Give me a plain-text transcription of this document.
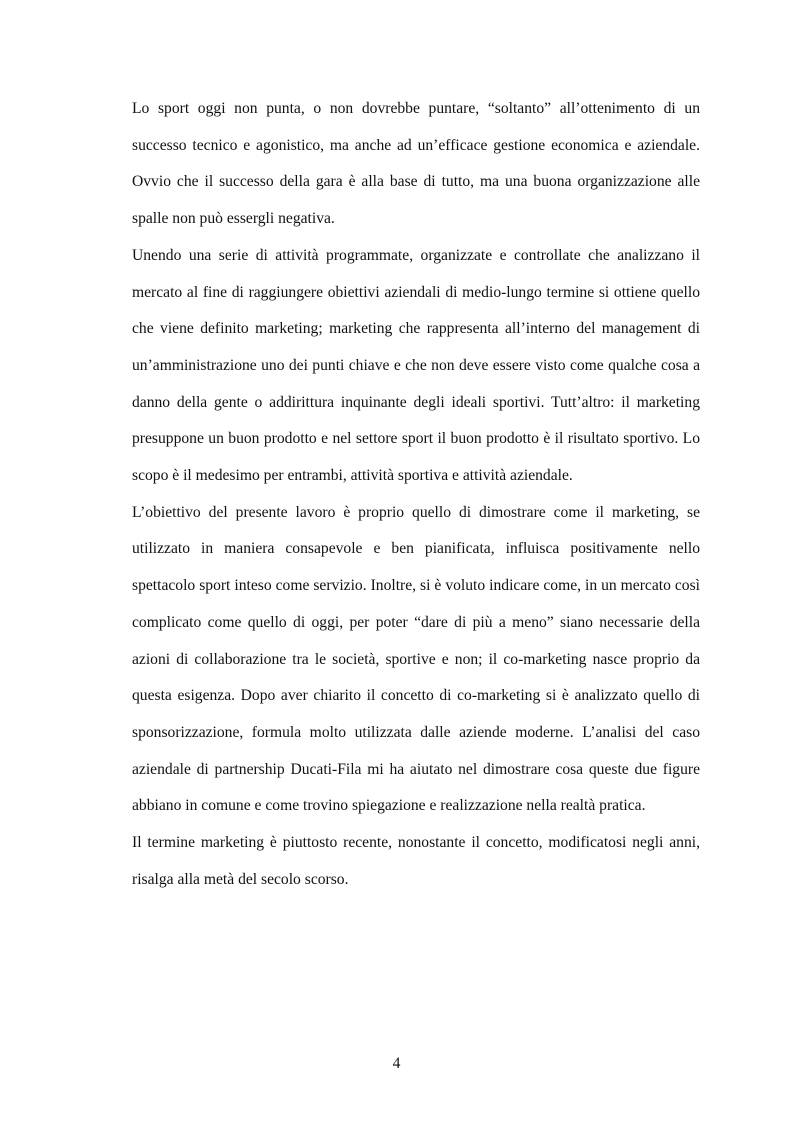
Lo sport oggi non punta, o non dovrebbe puntare, “soltanto” all’ottenimento di un successo tecnico e agonistico, ma anche ad un’efficace gestione economica e aziendale. Ovvio che il successo della gara è alla base di tutto, ma una buona organizzazione alle spalle non può essergli negativa.

Unendo una serie di attività programmate, organizzate e controllate che analizzano il mercato al fine di raggiungere obiettivi aziendali di medio-lungo termine si ottiene quello che viene definito marketing; marketing che rappresenta all’interno del management di un’amministrazione uno dei punti chiave e che non deve essere visto come qualche cosa a danno della gente o addirittura inquinante degli ideali sportivi. Tutt’altro: il marketing presuppone un buon prodotto e nel settore sport il buon prodotto è il risultato sportivo. Lo scopo è il medesimo per entrambi, attività sportiva e attività aziendale.

L’obiettivo del presente lavoro è proprio quello di dimostrare come il marketing, se utilizzato in maniera consapevole e ben pianificata, influisca positivamente nello spettacolo sport inteso come servizio. Inoltre, si è voluto indicare come, in un mercato così complicato come quello di oggi, per poter “dare di più a meno” siano necessarie della azioni di collaborazione tra le società, sportive e non; il co-marketing nasce proprio da questa esigenza. Dopo aver chiarito il concetto di co-marketing si è analizzato quello di sponsorizzazione, formula molto utilizzata dalle aziende moderne. L’analisi del caso aziendale di partnership Ducati-Fila mi ha aiutato nel dimostrare cosa queste due figure abbiano in comune e come trovino spiegazione e realizzazione nella realtà pratica.

Il termine marketing è piuttosto recente, nonostante il concetto, modificatosi negli anni, risalga alla metà del secolo scorso.

4
